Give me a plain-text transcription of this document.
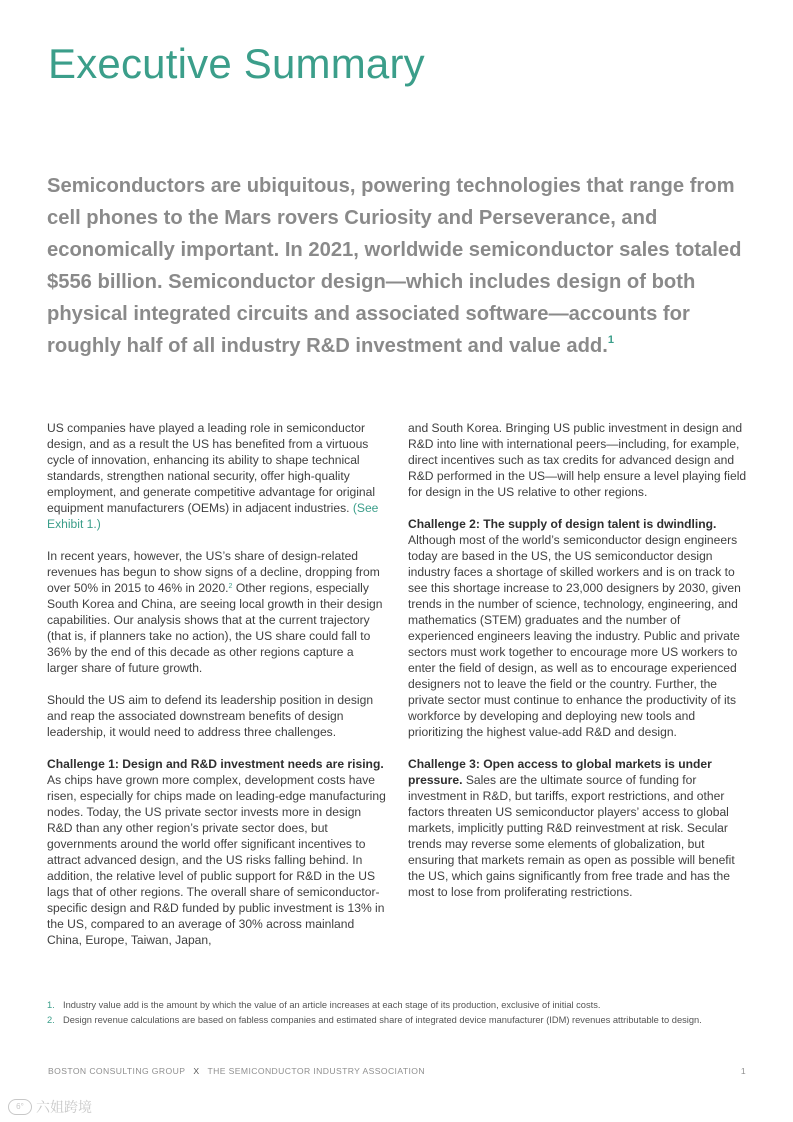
Executive Summary

Semiconductors are ubiquitous, powering technologies that range from cell phones to the Mars rovers Curiosity and Perseverance, and economically important. In 2021, worldwide semiconductor sales totaled $556 billion. Semiconductor design—which includes design of both physical integrated circuits and associated software—accounts for roughly half of all industry R&D investment and value add.$^1$

US companies have played a leading role in semiconductor design, and as a result the US has benefited from a virtuous cycle of innovation, enhancing its ability to shape technical standards, strengthen national security, offer high-quality employment, and generate competitive advantage for original equipment manufacturers (OEMs) in adjacent industries. (See Exhibit 1.)

In recent years, however, the US’s share of design-related revenues has begun to show signs of a decline, dropping from over 50% in 2015 to 46% in 2020.$^2$ Other regions, especially South Korea and China, are seeing local growth in their design capabilities. Our analysis shows that at the current trajectory (that is, if planners take no action), the US share could fall to 36% by the end of this decade as other regions capture a larger share of future growth.

Should the US aim to defend its leadership position in design and reap the associated downstream benefits of design leadership, it would need to address three challenges.

Challenge 1: Design and R&D investment needs are rising. As chips have grown more complex, development costs have risen, especially for chips made on leading-edge manufacturing nodes. Today, the US private sector invests more in design R&D than any other region’s private sector does, but governments around the world offer significant incentives to attract advanced design, and the US risks falling behind. In addition, the relative level of public support for R&D in the US lags that of other regions. The overall share of semiconductor-specific design and R&D funded by public investment is 13% in the US, compared to an average of 30% across mainland China, Europe, Taiwan, Japan,

and South Korea. Bringing US public investment in design and R&D into line with international peers—including, for example, direct incentives such as tax credits for advanced design and R&D performed in the US—will help ensure a level playing field for design in the US relative to other regions.

Challenge 2: The supply of design talent is dwindling. Although most of the world’s semiconductor design engineers today are based in the US, the US semiconductor design industry faces a shortage of skilled workers and is on track to see this shortage increase to 23,000 designers by 2030, given trends in the number of science, technology, engineering, and mathematics (STEM) graduates and the number of experienced engineers leaving the industry. Public and private sectors must work together to encourage more US workers to enter the field of design, as well as to encourage experienced designers not to leave the field or the country. Further, the private sector must continue to enhance the productivity of its workforce by developing and deploying new tools and prioritizing the highest value-add R&D and design.

Challenge 3: Open access to global markets is under pressure. Sales are the ultimate source of funding for investment in R&D, but tariffs, export restrictions, and other factors threaten US semiconductor players’ access to global markets, implicitly putting R&D reinvestment at risk. Secular trends may reverse some elements of globalization, but ensuring that markets remain as open as possible will benefit the US, which gains significantly from free trade and has the most to lose from proliferating restrictions.

1. Industry value add is the amount by which the value of an article increases at each stage of its production, exclusive of initial costs.
2. Design revenue calculations are based on fabless companies and estimated share of integrated device manufacturer (IDM) revenues attributable to design.
BOSTON CONSULTING GROUP X THE SEMICONDUCTOR INDUSTRY ASSOCIATION	1
6° 六姐跨境
